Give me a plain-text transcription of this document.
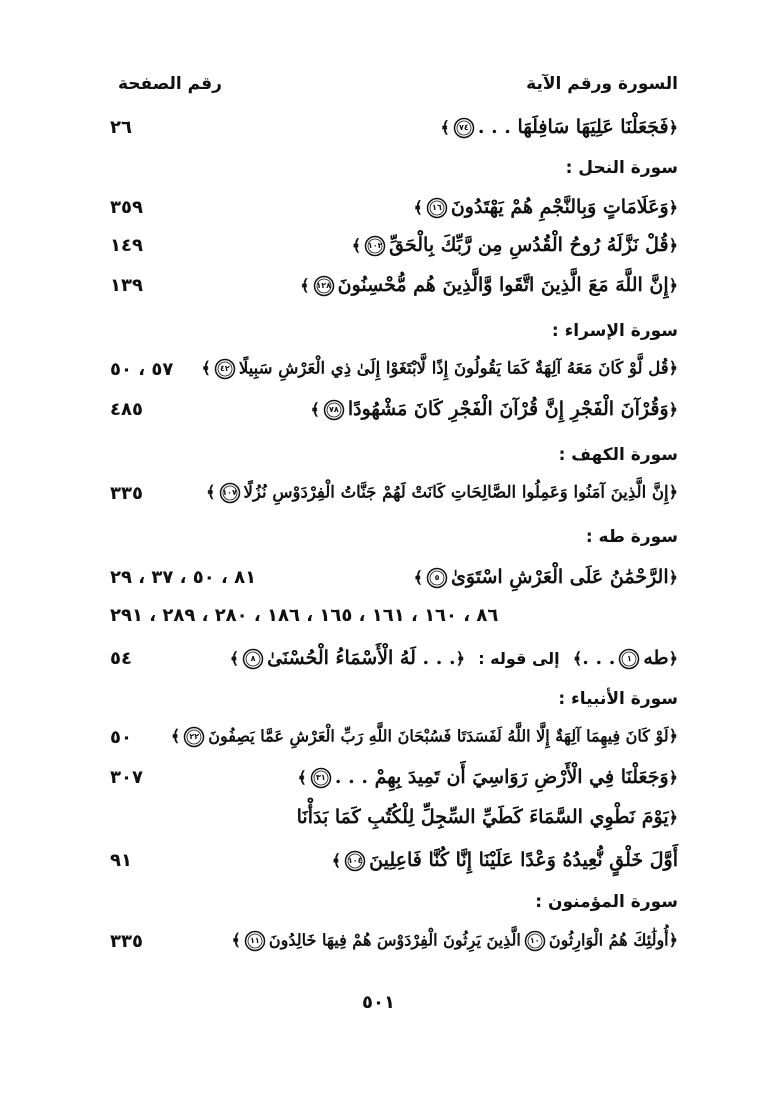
السورة ورقم الآية
رقم الصفحة
﴿فَجَعَلْنَا عَلِيَهَا سَافِلَهَا . . .
٧٤
﴾
٢٦
سورة النحل :
﴿وَعَلَامَاتٍ وَبِالنَّجْمِ هُمْ يَهْتَدُونَ
١٦
﴾
٣٥٩
﴿قُلْ نَزَّلَهُ رُوحُ الْقُدُسِ مِن رَّبِّكَ بِالْحَقِّ
١٠٢
﴾
١٤٩
﴿إِنَّ اللَّهَ مَعَ الَّذِينَ اتَّقَوا وَّالَّذِينَ هُم مُّحْسِنُونَ
١٢٨
﴾
١٣٩
سورة الإسراء :
﴿قُل لَّوْ كَانَ مَعَهُ آلِهَةٌ كَمَا يَقُولُونَ إِذًا لَّابْتَغَوْا إِلَىٰ ذِي الْعَرْشِ سَبِيلًا
٤٢
﴾
٥٧ ، ٥٠
﴿وَقُرْآنَ الْفَجْرِ إِنَّ قُرْآنَ الْفَجْرِ كَانَ مَشْهُودًا
٧٨
﴾
٤٨٥
سورة الكهف :
﴿إِنَّ الَّذِينَ آمَنُوا وَعَمِلُوا الصَّالِحَاتِ كَانَتْ لَهُمْ جَنَّاتُ الْفِرْدَوْسِ نُزُلًا
١٠٧
﴾
٣٣٥
سورة طه :
﴿الرَّحْمَٰنُ عَلَى الْعَرْشِ اسْتَوَىٰ
٥
﴾
٨١ ، ٥٠ ، ٣٧ ، ٢٩
٨٦ ، ١٦٠ ، ١٦١ ، ١٦٥ ، ١٨٦ ، ٢٨٠ ، ٢٨٩ ، ٢٩١
﴿طه
١
. . .﴾  إلى قوله :  ﴿. . . لَهُ الْأَسْمَاءُ الْحُسْنَىٰ
٨
﴾
٥٤
سورة الأنبياء :
﴿لَوْ كَانَ فِيهِمَا آلِهَةٌ إِلَّا اللَّهُ لَفَسَدَتَا فَسُبْحَانَ اللَّهِ رَبِّ الْعَرْشِ عَمَّا يَصِفُونَ
٢٢
﴾
٥٠
﴿وَجَعَلْنَا فِي الْأَرْضِ رَوَاسِيَ أَن تَمِيدَ بِهِمْ . . .
٣١
﴾
٣٠٧
﴿يَوْمَ نَطْوِي السَّمَاءَ كَطَيِّ السِّجِلِّ لِلْكُتُبِ كَمَا بَدَأْنَا
أَوَّلَ خَلْقٍ نُّعِيدُهُ وَعْدًا عَلَيْنَا إِنَّا كُنَّا فَاعِلِينَ
١٠٤
﴾
٩١
سورة المؤمنون :
﴿أُولَٰئِكَ هُمُ الْوَارِثُونَ
١٠
الَّذِينَ يَرِثُونَ الْفِرْدَوْسَ هُمْ فِيهَا خَالِدُونَ
١١
﴾
٣٣٥
٥٠١
